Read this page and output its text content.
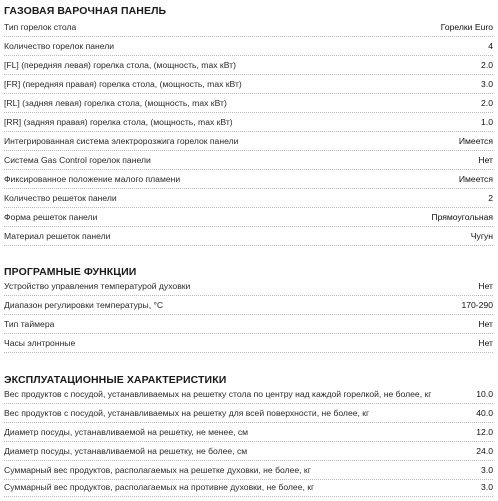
ГАЗОВАЯ ВАРОЧНАЯ ПАНЕЛЬ
Тип горелок стола	Горелки Euro
Количество горелок панели	4
[FL] (передняя левая) горелка стола, (мощность, max кВт)	2.0
[FR] (передняя правая) горелка стола, (мощность, max кВт)	3.0
[RL] (задняя левая) горелка стола, (мощность, max кВт)	2.0
[RR] (задняя правая) горелка стола, (мощность, max кВт)	1.0
Интегрированная система электророзжига горелок панели	Имеется
Система Gas Control горелок панели	Нет
Фиксированное положение малого пламени	Имеется
Количество решеток панели	2
Форма решеток панели	Прямоугольная
Материал решеток панели	Чугун
ПРОГРАМНЫЕ ФУНКЦИИ
Устройство управления температурой духовки	Нет
Диапазон регулировки температуры, °С	170-290
Тип таймера	Нет
Часы элнтронные	Нет
ЭКСПЛУАТАЦИОННЫЕ ХАРАКТЕРИСТИКИ
Вес продуктов с посудой, устанавливаемых на решетку стола по центру над каждой горелкой, не более, кг	10.0
Вес продуктов с посудой, устанавливаемых на решетку для всей поверхности, не более, кг	40.0
Диаметр посуды, устанавливаемой на решетку, не менее, см	12.0
Диаметр посуды, устанавливаемой на решетку, не более, см	24.0
Суммарный вес продуктов, располагаемых на решетке духовки, не более, кг	3.0
Суммарный вес продуктов, располагаемых на противне духовки, не более, кг	3.0
